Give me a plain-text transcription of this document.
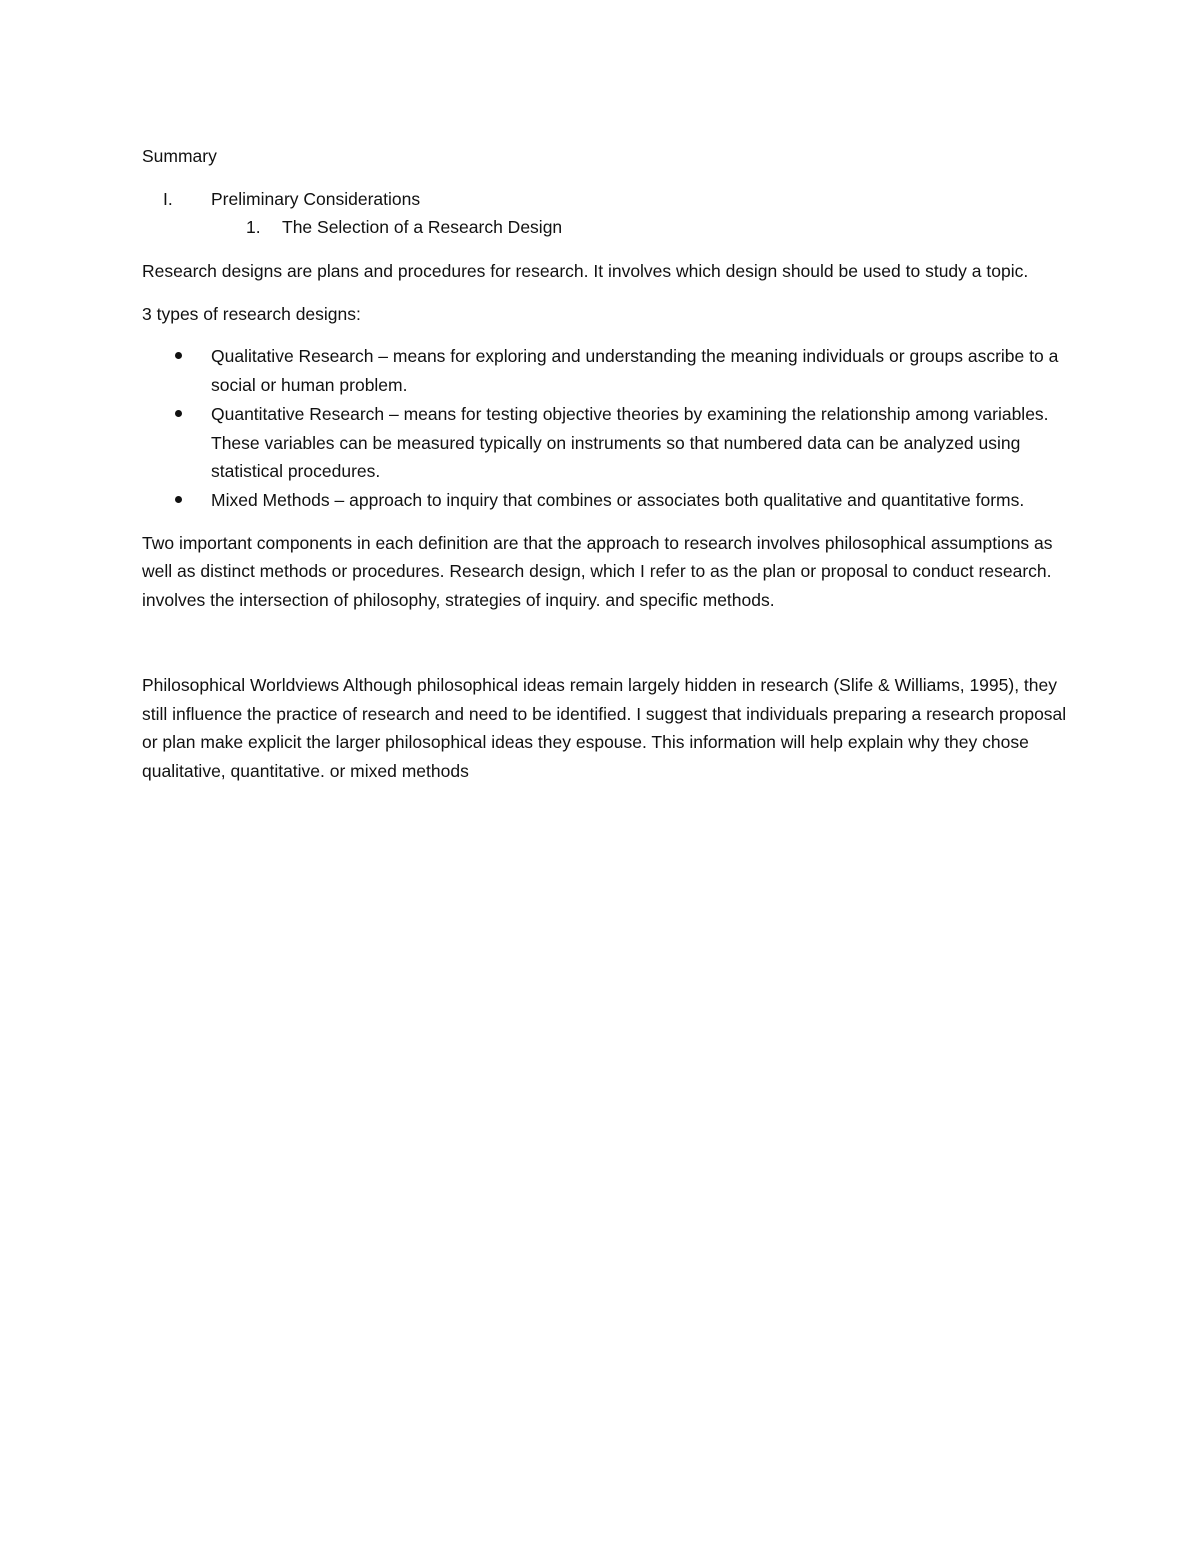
Summary

I. Preliminary Considerations
1. The Selection of a Research Design

Research designs are plans and procedures for research. It involves which design should be used to study a topic.

3 types of research designs:

Qualitative Research – means for exploring and understanding the meaning individuals or groups ascribe to a social or human problem.
Quantitative Research – means for testing objective theories by examining the relationship among variables. These variables can be measured typically on instruments so that numbered data can be analyzed using statistical procedures.
Mixed Methods – approach to inquiry that combines or associates both qualitative and quantitative forms.

Two important components in each definition are that the approach to research involves philosophical assumptions as well as distinct methods or procedures. Research design, which I refer to as the plan or proposal to conduct research. involves the intersection of philosophy, strategies of inquiry. and specific methods.

Philosophical Worldviews Although philosophical ideas remain largely hidden in research (Slife & Williams, 1995), they still influence the practice of research and need to be identified. I suggest that individuals preparing a research proposal or plan make explicit the larger philosophical ideas they espouse. This information will help explain why they chose qualitative, quantitative. or mixed methods
